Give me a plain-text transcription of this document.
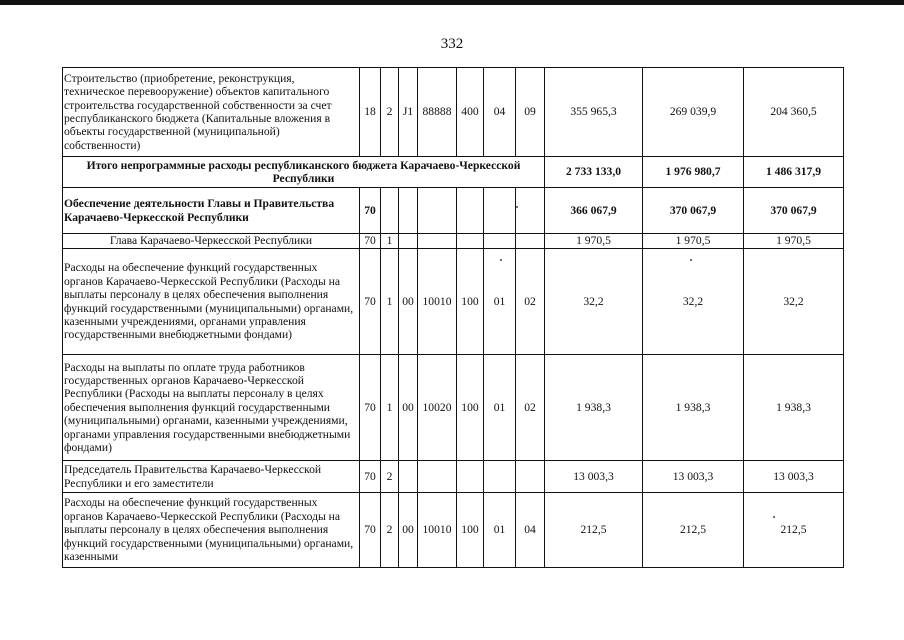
332
Строительство (приобретение, реконструкция, техническое перевооружение) объектов капитального строительства государственной собственности за счет республиканского бюджета (Капитальные вложения в объекты государственной (муниципальной) собственности)	18	2	J1	88888	400	04	09	355 965,3	269 039,9	204 360,5
Итого непрограммные расходы республиканского бюджета Карачаево-Черкесской Республики								2 733 133,0	1 976 980,7	1 486 317,9
Обеспечение деятельности Главы и Правительства Карачаево-Черкесской Республики	70							366 067,9	370 067,9	370 067,9
Глава Карачаево-Черкесской Республики	70	1						1 970,5	1 970,5	1 970,5
Расходы на обеспечение функций государственных органов Карачаево-Черкесской Республики (Расходы на выплаты персоналу в целях обеспечения выполнения функций государственными (муниципальными) органами, казенными учреждениями, органами управления государственными внебюджетными фондами)	70	1	00	10010	100	01	02	32,2	32,2	32,2
Расходы на выплаты по оплате труда работников государственных органов Карачаево-Черкесской Республики (Расходы на выплаты персоналу в целях обеспечения выполнения функций государственными (муниципальными) органами, казенными учреждениями, органами управления государственными внебюджетными фондами)	70	1	00	10020	100	01	02	1 938,3	1 938,3	1 938,3
Председатель Правительства Карачаево-Черкесской Республики и его заместители	70	2						13 003,3	13 003,3	13 003,3
Расходы на обеспечение функций государственных органов Карачаево-Черкесской Республики (Расходы на выплаты персоналу в целях обеспечения выполнения функций государственными (муниципальными) органами, казенными	70	2	00	10010	100	01	04	212,5	212,5	212,5
